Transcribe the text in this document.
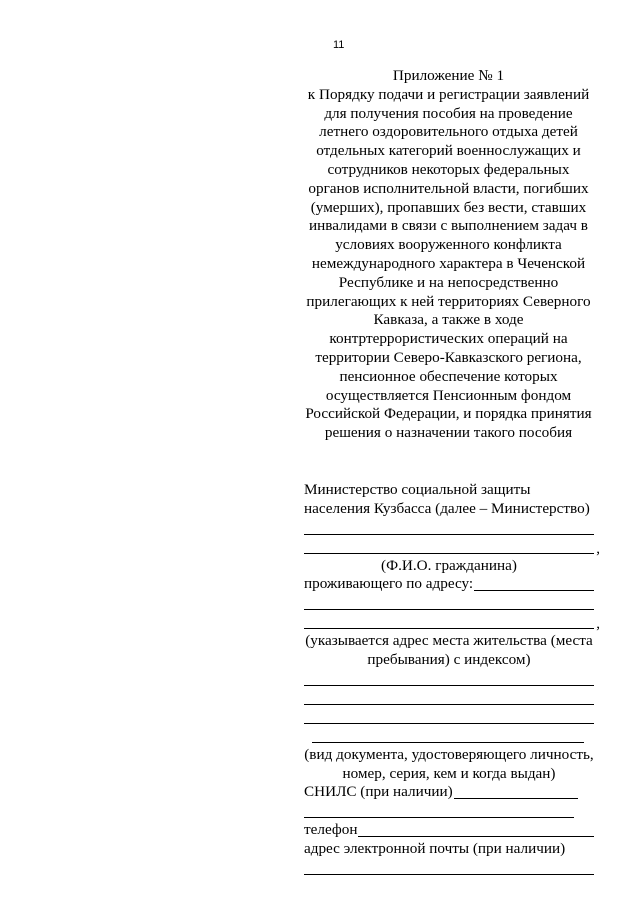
11
Приложение № 1
к Порядку подачи и регистрации заявлений
для получения пособия на проведение
летнего оздоровительного отдыха детей
отдельных категорий военнослужащих и
сотрудников некоторых федеральных
органов исполнительной власти, погибших
(умерших), пропавших без вести, ставших
инвалидами в связи с выполнением задач в
условиях вооруженного конфликта
немеждународного характера в Чеченской
Республике и на непосредственно
прилегающих к ней территориях Северного
Кавказа, а также в ходе
контртеррористических операций на
территории Северо-Кавказского региона,
пенсионное обеспечение которых
осуществляется Пенсионным фондом
Российской Федерации, и порядка принятия
решения о назначении такого пособия
Министерство социальной защиты
населения Кузбасса (далее – Министерство)
,
(Ф.И.О. гражданина)
проживающего по адресу:
,
(указывается адрес места жительства (места
пребывания) с индексом)
(вид документа, удостоверяющего личность,
номер, серия, кем и когда выдан)
СНИЛС (при наличии)
телефон
адрес электронной почты (при наличии)
